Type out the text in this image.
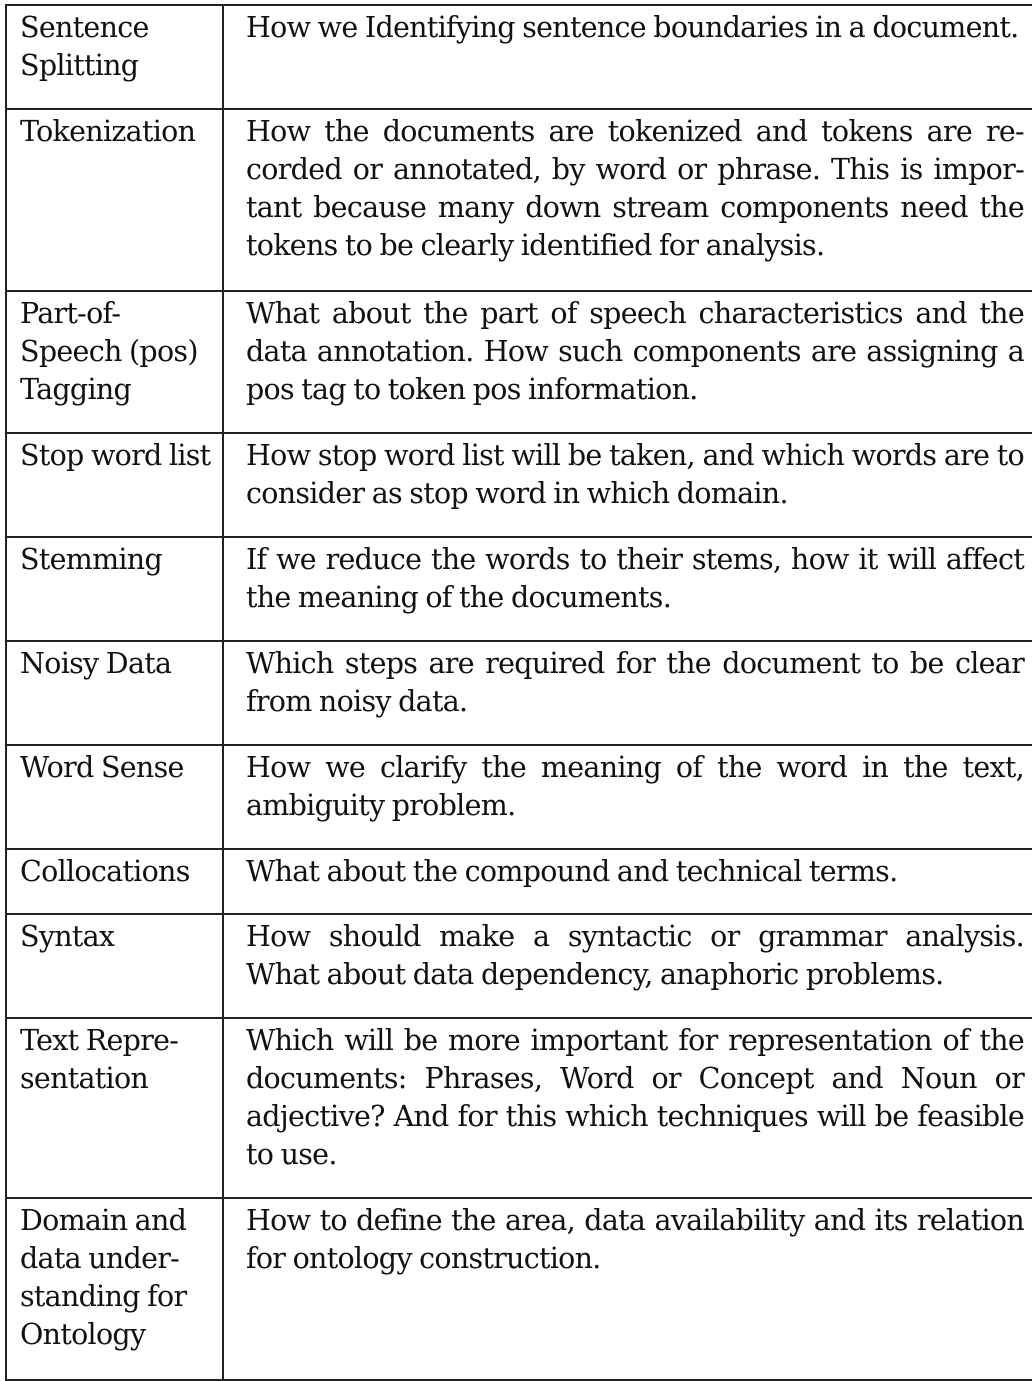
Sentence Splitting	How we Identifying sentence boundaries in a document.
Tokenization	How the documents are tokenized and tokens are re-corded or annotated, by word or phrase. This is impor-tant because many down stream components need the tokens to be clearly identified for analysis.
Part-of-Speech (pos) Tagging	What about the part of speech characteristics and the data annotation. How such components are assigning a pos tag to token pos information.
Stop word list	How stop word list will be taken, and which words are to consider as stop word in which domain.
Stemming	If we reduce the words to their stems, how it will affect the meaning of the documents.
Noisy Data	Which steps are required for the document to be clear from noisy data.
Word Sense	How we clarify the meaning of the word in the text, ambiguity problem.
Collocations	What about the compound and technical terms.
Syntax	How should make a syntactic or grammar analysis. What about data dependency, anaphoric problems.
Text Repre-sentation	Which will be more important for representation of the documents: Phrases, Word or Concept and Noun or adjective? And for this which techniques will be feasible to use.
Domain and data under-standing for Ontology	How to define the area, data availability and its relation for ontology construction.
